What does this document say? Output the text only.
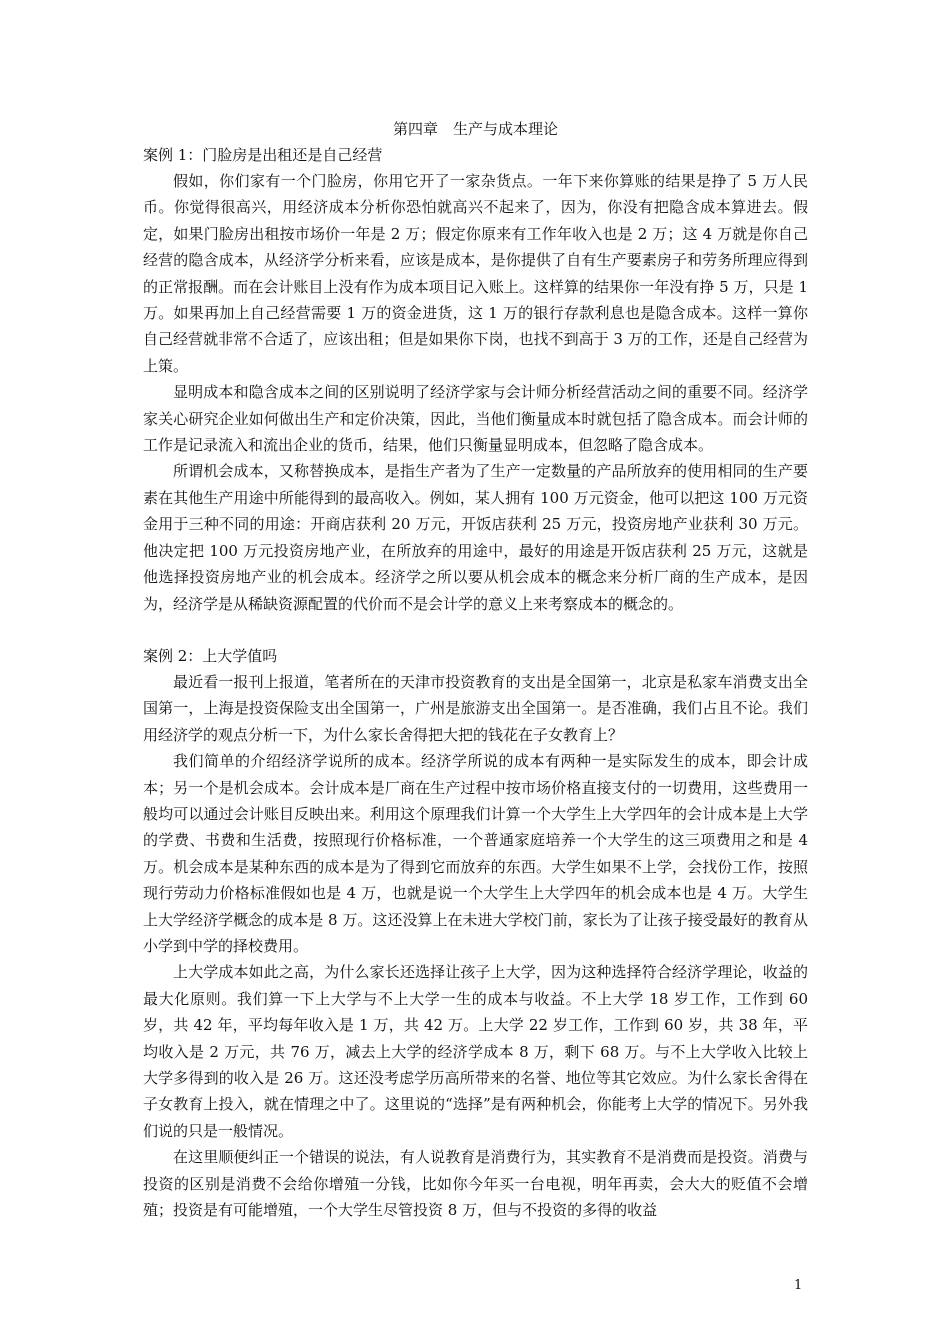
第四章　生产与成本理论
案例 1：门脸房是出租还是自己经营

假如，你们家有一个门脸房，你用它开了一家杂货点。一年下来你算账的结果是挣了 5 万人民币。你觉得很高兴，用经济成本分析你恐怕就高兴不起来了，因为，你没有把隐含成本算进去。假定，如果门脸房出租按市场价一年是 2 万；假定你原来有工作年收入也是 2 万；这 4 万就是你自己经营的隐含成本，从经济学分析来看，应该是成本，是你提供了自有生产要素房子和劳务所理应得到的正常报酬。而在会计账目上没有作为成本项目记入账上。这样算的结果你一年没有挣 5 万，只是 1 万。如果再加上自己经营需要 1 万的资金进货，这 1 万的银行存款利息也是隐含成本。这样一算你自己经营就非常不合适了，应该出租；但是如果你下岗，也找不到高于 3 万的工作，还是自己经营为上策。

显明成本和隐含成本之间的区别说明了经济学家与会计师分析经营活动之间的重要不同。经济学家关心研究企业如何做出生产和定价决策，因此，当他们衡量成本时就包括了隐含成本。而会计师的工作是记录流入和流出企业的货币，结果，他们只衡量显明成本，但忽略了隐含成本。

所谓机会成本，又称替换成本，是指生产者为了生产一定数量的产品所放弃的使用相同的生产要素在其他生产用途中所能得到的最高收入。例如，某人拥有 100 万元资金，他可以把这 100 万元资金用于三种不同的用途：开商店获利 20 万元，开饭店获利 25 万元，投资房地产业获利 30 万元。他决定把 100 万元投资房地产业，在所放弃的用途中，最好的用途是开饭店获利 25 万元，这就是他选择投资房地产业的机会成本。经济学之所以要从机会成本的概念来分析厂商的生产成本，是因为，经济学是从稀缺资源配置的代价而不是会计学的意义上来考察成本的概念的。

案例 2：上大学值吗

最近看一报刊上报道，笔者所在的天津市投资教育的支出是全国第一，北京是私家车消费支出全国第一，上海是投资保险支出全国第一，广州是旅游支出全国第一。是否准确，我们占且不论。我们用经济学的观点分析一下，为什么家长舍得把大把的钱花在子女教育上？

我们简单的介绍经济学说所的成本。经济学所说的成本有两种一是实际发生的成本，即会计成本；另一个是机会成本。会计成本是厂商在生产过程中按市场价格直接支付的一切费用，这些费用一般均可以通过会计账目反映出来。利用这个原理我们计算一个大学生上大学四年的会计成本是上大学的学费、书费和生活费，按照现行价格标准，一个普通家庭培养一个大学生的这三项费用之和是 4 万。机会成本是某种东西的成本是为了得到它而放弃的东西。大学生如果不上学，会找份工作，按照现行劳动力价格标准假如也是 4 万，也就是说一个大学生上大学四年的机会成本也是 4 万。大学生上大学经济学概念的成本是 8 万。这还没算上在未进大学校门前，家长为了让孩子接受最好的教育从小学到中学的择校费用。

上大学成本如此之高，为什么家长还选择让孩子上大学，因为这种选择符合经济学理论，收益的最大化原则。我们算一下上大学与不上大学一生的成本与收益。不上大学 18 岁工作，工作到 60 岁，共 42 年，平均每年收入是 1 万，共 42 万。上大学 22 岁工作，工作到 60 岁，共 38 年，平均收入是 2 万元，共 76 万，减去上大学的经济学成本 8 万，剩下 68 万。与不上大学收入比较上大学多得到的收入是 26 万。这还没考虑学历高所带来的名誉、地位等其它效应。为什么家长舍得在子女教育上投入，就在情理之中了。这里说的“选择”是有两种机会，你能考上大学的情况下。另外我们说的只是一般情况。

在这里顺便纠正一个错误的说法，有人说教育是消费行为，其实教育不是消费而是投资。消费与投资的区别是消费不会给你增殖一分钱，比如你今年买一台电视，明年再卖，会大大的贬值不会增殖；投资是有可能增殖，一个大学生尽管投资 8 万，但与不投资的多得的收益

1
